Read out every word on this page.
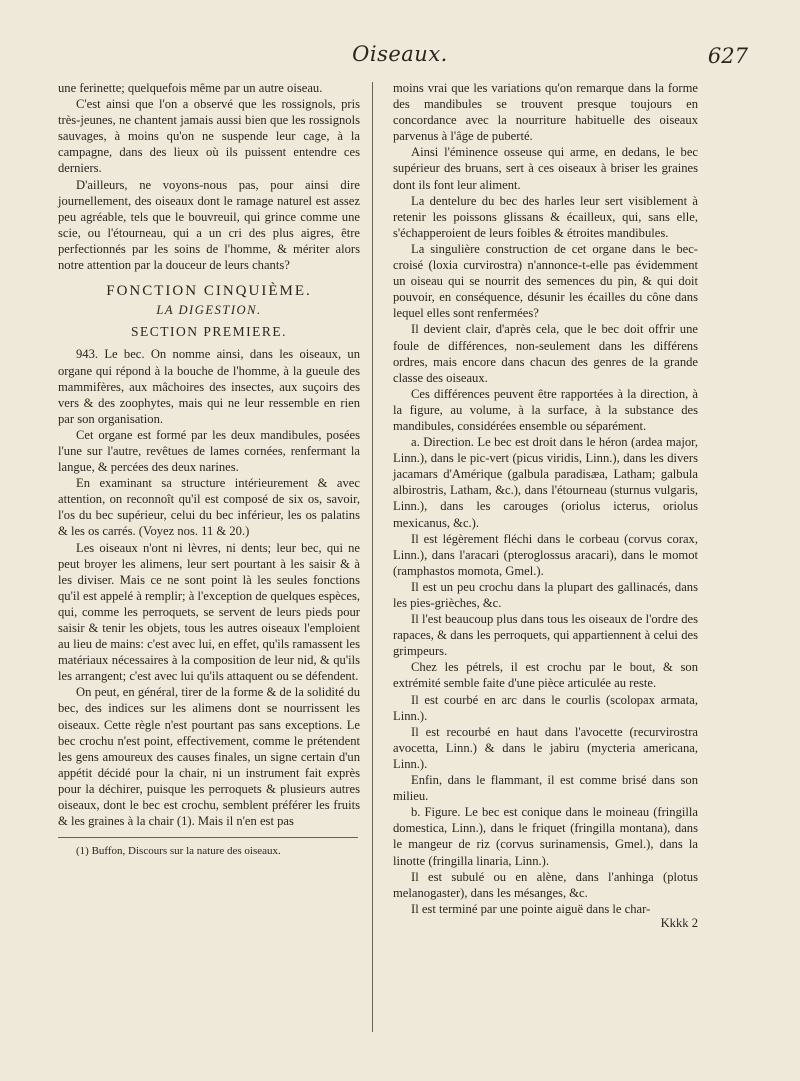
Oiseaux.	627

une ferinette; quelquefois même par un autre oiseau.

C'est ainsi que l'on a observé que les rossignols, pris très-jeunes, ne chantent jamais aussi bien que les rossignols sauvages, à moins qu'on ne suspende leur cage, à la campagne, dans des lieux où ils puissent entendre ces derniers.

D'ailleurs, ne voyons-nous pas, pour ainsi dire journellement, des oiseaux dont le ramage naturel est assez peu agréable, tels que le bouvreuil, qui grince comme une scie, ou l'étourneau, qui a un cri des plus aigres, être perfectionnés par les soins de l'homme, & mériter alors notre attention par la douceur de leurs chants?

FONCTION CINQUIÈME.
LA DIGESTION.
SECTION PREMIERE.

943. Le bec. On nomme ainsi, dans les oiseaux, un organe qui répond à la bouche de l'homme, à la gueule des mammifères, aux mâchoires des insectes, aux suçoirs des vers & des zoophytes, mais qui ne leur ressemble en rien par son organisation.

Cet organe est formé par les deux mandibules, posées l'une sur l'autre, revêtues de lames cornées, renfermant la langue, & percées des deux narines.

En examinant sa structure intérieurement & avec attention, on reconnoît qu'il est composé de six os, savoir, l'os du bec supérieur, celui du bec inférieur, les os palatins & les os carrés. (Voyez nos. 11 & 20.)

Les oiseaux n'ont ni lèvres, ni dents; leur bec, qui ne peut broyer les alimens, leur sert pourtant à les saisir & à les diviser. Mais ce ne sont point là les seules fonctions qu'il est appelé à remplir; à l'exception de quelques espèces, qui, comme les perroquets, se servent de leurs pieds pour saisir & tenir les objets, tous les autres oiseaux l'emploient au lieu de mains: c'est avec lui, en effet, qu'ils ramassent les matériaux nécessaires à la composition de leur nid, & qu'ils les arrangent; c'est avec lui qu'ils attaquent ou se défendent.

On peut, en général, tirer de la forme & de la solidité du bec, des indices sur les alimens dont se nourrissent les oiseaux. Cette règle n'est pourtant pas sans exceptions. Le bec crochu n'est point, effectivement, comme le prétendent les gens amoureux des causes finales, un signe certain d'un appétit décidé pour la chair, ni un instrument fait exprès pour la déchirer, puisque les perroquets & plusieurs autres oiseaux, dont le bec est crochu, semblent préférer les fruits & les graines à la chair (1). Mais il n'en est pas

(1) Buffon, Discours sur la nature des oiseaux.

moins vrai que les variations qu'on remarque dans la forme des mandibules se trouvent presque toujours en concordance avec la nourriture habituelle des oiseaux parvenus à l'âge de puberté.

Ainsi l'éminence osseuse qui arme, en dedans, le bec supérieur des bruans, sert à ces oiseaux à briser les graines dont ils font leur aliment.

La dentelure du bec des harles leur sert visiblement à retenir les poissons glissans & écailleux, qui, sans elle, s'échapperoient de leurs foibles & étroites mandibules.

La singulière construction de cet organe dans le bec-croisé (loxia curvirostra) n'annonce-t-elle pas évidemment un oiseau qui se nourrit des semences du pin, & qui doit pouvoir, en conséquence, désunir les écailles du cône dans lequel elles sont renfermées?

Il devient clair, d'après cela, que le bec doit offrir une foule de différences, non-seulement dans les différens ordres, mais encore dans chacun des genres de la grande classe des oiseaux.

Ces différences peuvent être rapportées à la direction, à la figure, au volume, à la surface, à la substance des mandibules, considérées ensemble ou séparément.

a. Direction. Le bec est droit dans le héron (ardea major, Linn.), dans le pic-vert (picus viridis, Linn.), dans les divers jacamars d'Amérique (galbula paradisæa, Latham; galbula albirostris, Latham, &c.), dans l'étourneau (sturnus vulgaris, Linn.), dans les carouges (oriolus icterus, oriolus mexicanus, &c.).

Il est légèrement fléchi dans le corbeau (corvus corax, Linn.), dans l'aracari (pteroglossus aracari), dans le momot (ramphastos momota, Gmel.).

Il est un peu crochu dans la plupart des gallinacés, dans les pies-grièches, &c.

Il l'est beaucoup plus dans tous les oiseaux de l'ordre des rapaces, & dans les perroquets, qui appartiennent à celui des grimpeurs.

Chez les pétrels, il est crochu par le bout, & son extrémité semble faite d'une pièce articulée au reste.

Il est courbé en arc dans le courlis (scolopax armata, Linn.).

Il est recourbé en haut dans l'avocette (recurvirostra avocetta, Linn.) & dans le jabiru (mycteria americana, Linn.).

Enfin, dans le flammant, il est comme brisé dans son milieu.

b. Figure. Le bec est conique dans le moineau (fringilla domestica, Linn.), dans le friquet (fringilla montana), dans le mangeur de riz (corvus surinamensis, Gmel.), dans la linotte (fringilla linaria, Linn.).

Il est subulé ou en alène, dans l'anhinga (plotus melanogaster), dans les mésanges, &c.

Il est terminé par une pointe aiguë dans le char-

Kkkk 2
